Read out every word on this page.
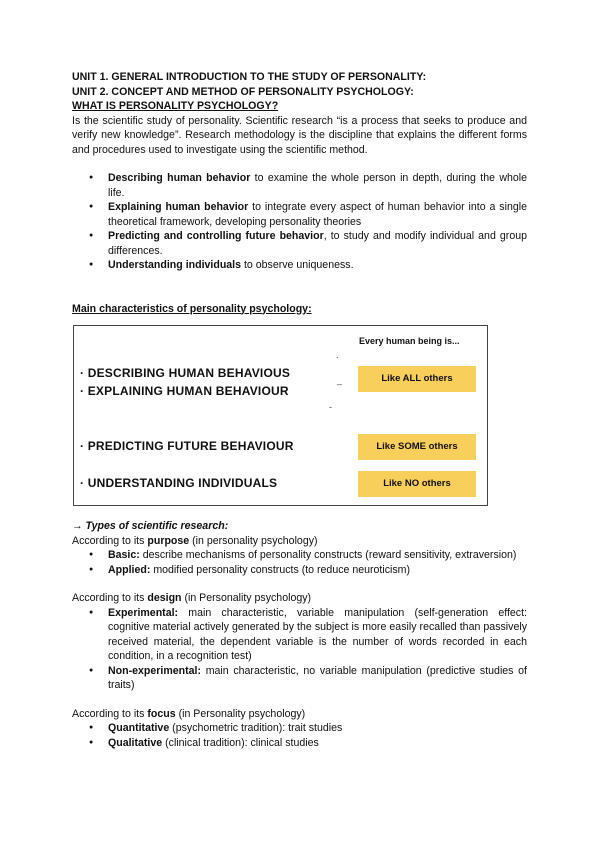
UNIT 1. GENERAL INTRODUCTION TO THE STUDY OF PERSONALITY:

UNIT 2. CONCEPT AND METHOD OF PERSONALITY PSYCHOLOGY:

WHAT IS PERSONALITY PSYCHOLOGY?

Is the scientific study of personality. Scientific research “is a process that seeks to produce and verify new knowledge”. Research methodology is the discipline that explains the different forms and procedures used to investigate using the scientific method.

● Describing human behavior to examine the whole person in depth, during the whole life.
● Explaining human behavior to integrate every aspect of human behavior into a single theoretical framework, developing personality theories
● Predicting and controlling future behavior, to study and modify individual and group differences.
● Understanding individuals to observe uniqueness.

Main characteristics of personality psychology:

Every human being is...
.
· DESCRIBING HUMAN BEHAVIOUS
· EXPLAINING HUMAN BEHAVIOUR
_
-
Like ALL others
· PREDICTING FUTURE BEHAVIOUR	Like SOME others
· UNDERSTANDING INDIVIDUALS	Like NO others

→ Types of scientific research:

According to its purpose (in personality psychology)

● Basic: describe mechanisms of personality constructs (reward sensitivity, extraversion)
● Applied: modified personality constructs (to reduce neuroticism)

According to its design (in Personality psychology)

● Experimental: main characteristic, variable manipulation (self-generation effect: cognitive material actively generated by the subject is more easily recalled than passively received material, the dependent variable is the number of words recorded in each condition, in a recognition test)
● Non-experimental: main characteristic, no variable manipulation (predictive studies of traits)

According to its focus (in Personality psychology)

● Quantitative (psychometric tradition): trait studies
● Qualitative (clinical tradition): clinical studies
